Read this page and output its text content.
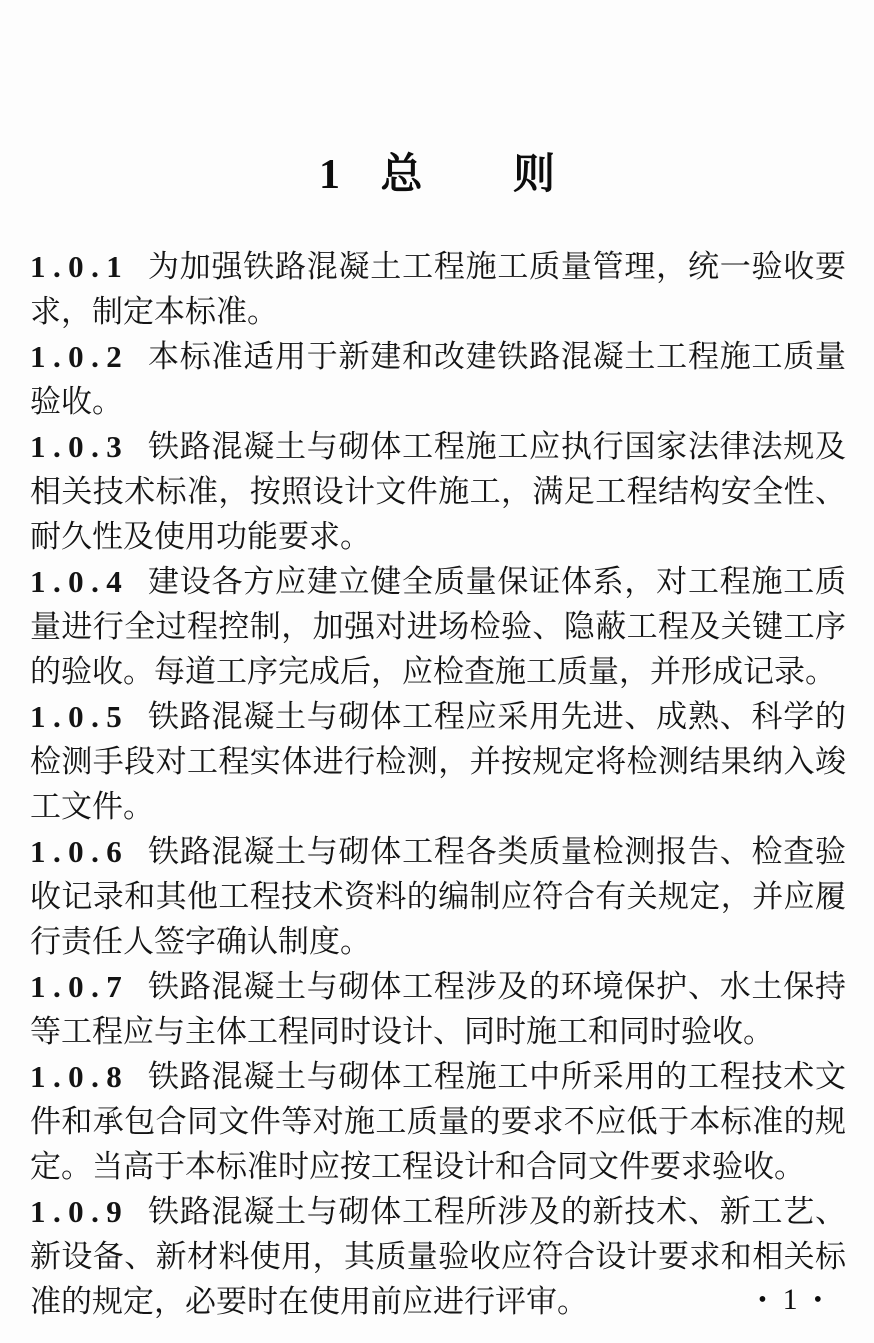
1 总 则

1.0.1 为加强铁路混凝土工程施工质量管理，统一验收要求，制定本标准。

1.0.2 本标准适用于新建和改建铁路混凝土工程施工质量验收。

1.0.3 铁路混凝土与砌体工程施工应执行国家法律法规及相关技术标准，按照设计文件施工，满足工程结构安全性、耐久性及使用功能要求。

1.0.4 建设各方应建立健全质量保证体系，对工程施工质量进行全过程控制，加强对进场检验、隐蔽工程及关键工序的验收。每道工序完成后，应检查施工质量，并形成记录。

1.0.5 铁路混凝土与砌体工程应采用先进、成熟、科学的检测手段对工程实体进行检测，并按规定将检测结果纳入竣工文件。

1.0.6 铁路混凝土与砌体工程各类质量检测报告、检查验收记录和其他工程技术资料的编制应符合有关规定，并应履行责任人签字确认制度。

1.0.7 铁路混凝土与砌体工程涉及的环境保护、水土保持等工程应与主体工程同时设计、同时施工和同时验收。

1.0.8 铁路混凝土与砌体工程施工中所采用的工程技术文件和承包合同文件等对施工质量的要求不应低于本标准的规定。当高于本标准时应按工程设计和合同文件要求验收。

1.0.9 铁路混凝土与砌体工程所涉及的新技术、新工艺、新设备、新材料使用，其质量验收应符合设计要求和相关标准的规定，必要时在使用前应进行评审。	• 1 •
